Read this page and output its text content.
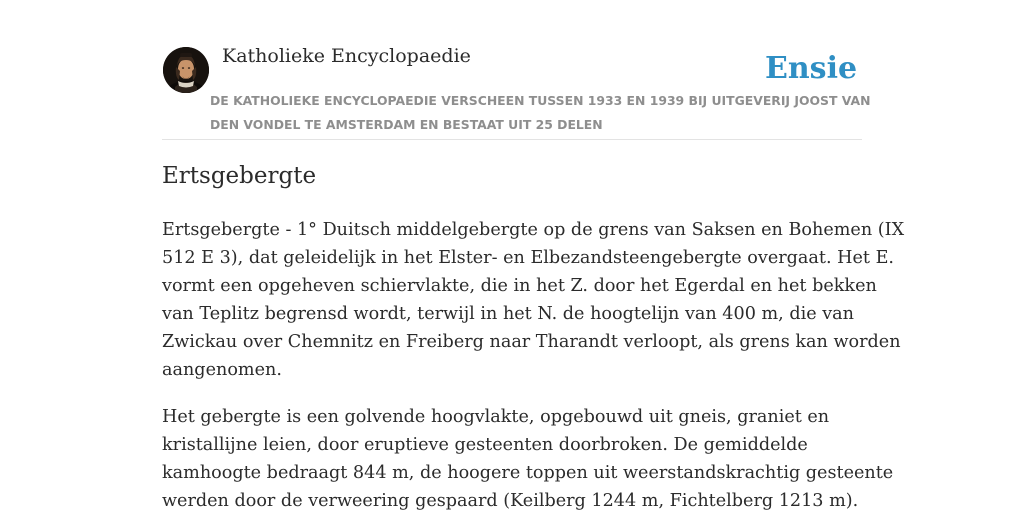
Katholieke Encyclopaedie	Ensie
DE KATHOLIEKE ENCYCLOPAEDIE VERSCHEEN TUSSEN 1933 EN 1939 BIJ UITGEVERIJ JOOST VAN
DEN VONDEL TE AMSTERDAM EN BESTAAT UIT 25 DELEN
Ertsgebergte

Ertsgebergte - 1° Duitsch middelgebergte op de grens van Saksen en Bohemen (IX
512 E 3), dat geleidelijk in het Elster- en Elbezandsteengebergte overgaat. Het E.
vormt een opgeheven schiervlakte, die in het Z. door het Egerdal en het bekken
van Teplitz begrensd wordt, terwijl in het N. de hoogtelijn van 400 m, die van
Zwickau over Chemnitz en Freiberg naar Tharandt verloopt, als grens kan worden
aangenomen.

Het gebergte is een golvende hoogvlakte, opgebouwd uit gneis, graniet en
kristallijne leien, door eruptieve gesteenten doorbroken. De gemiddelde
kamhoogte bedraagt 844 m, de hoogere toppen uit weerstandskrachtig gesteente
werden door de verweering gespaard (Keilberg 1244 m, Fichtelberg 1213 m).
